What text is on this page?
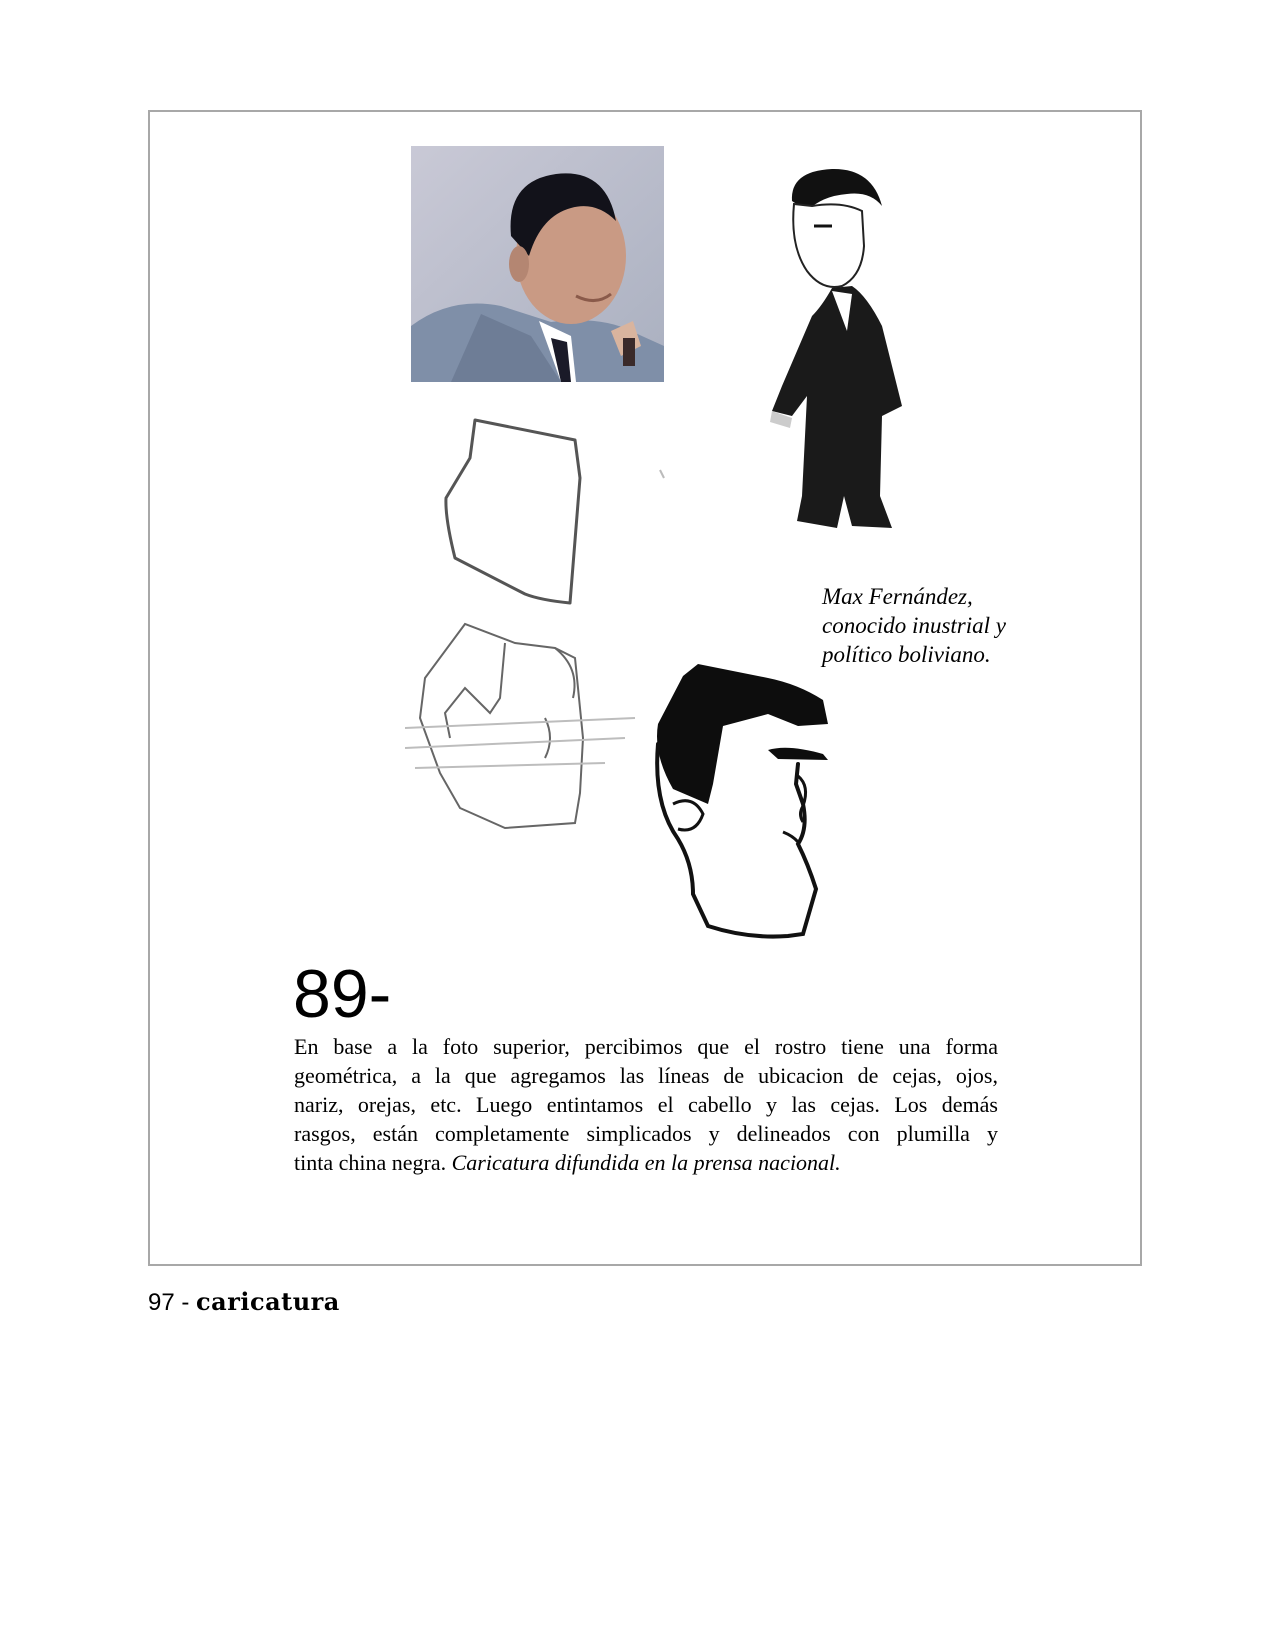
Max Fernández,
conocido inustrial y
político boliviano.
89-
En base a la foto superior, percibimos que el rostro tiene una forma
geométrica, a la que agregamos las líneas de ubicacion de cejas, ojos,
nariz, orejas, etc. Luego entintamos el cabello y las cejas. Los demás
rasgos, están completamente simplicados y delineados con plumilla y
tinta china negra. Caricatura difundida en la prensa nacional.
97 - caricatura
